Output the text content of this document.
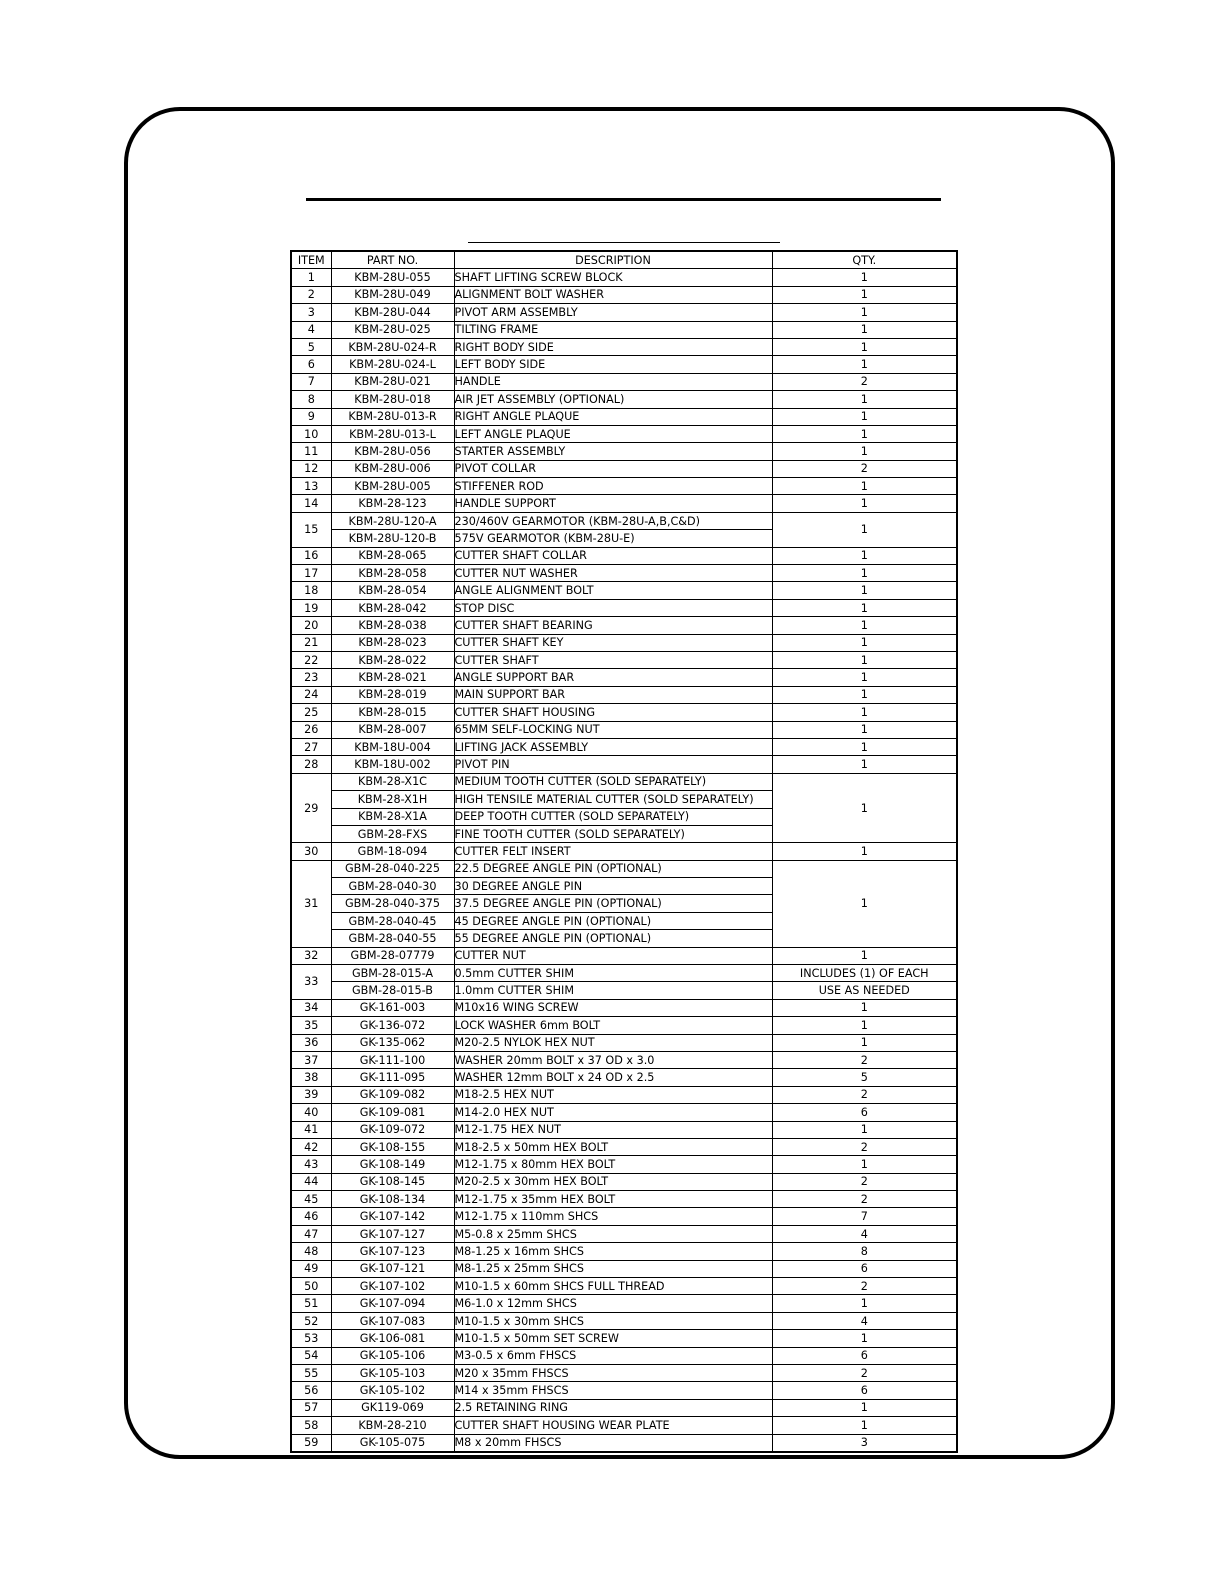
ITEM	PART NO.	DESCRIPTION	QTY.
1	KBM-28U-055	SHAFT LIFTING SCREW BLOCK	1
2	KBM-28U-049	ALIGNMENT BOLT WASHER	1
3	KBM-28U-044	PIVOT ARM ASSEMBLY	1
4	KBM-28U-025	TILTING FRAME	1
5	KBM-28U-024-R	RIGHT BODY SIDE	1
6	KBM-28U-024-L	LEFT BODY SIDE	1
7	KBM-28U-021	HANDLE	2
8	KBM-28U-018	AIR JET ASSEMBLY (OPTIONAL)	1
9	KBM-28U-013-R	RIGHT ANGLE PLAQUE	1
10	KBM-28U-013-L	LEFT ANGLE PLAQUE	1
11	KBM-28U-056	STARTER ASSEMBLY	1
12	KBM-28U-006	PIVOT COLLAR	2
13	KBM-28U-005	STIFFENER ROD	1
14	KBM-28-123	HANDLE SUPPORT	1
15	KBM-28U-120-A	230/460V GEARMOTOR (KBM-28U-A,B,C&D)	1
	KBM-28U-120-B	575V GEARMOTOR (KBM-28U-E)	
16	KBM-28-065	CUTTER SHAFT COLLAR	1
17	KBM-28-058	CUTTER NUT WASHER	1
18	KBM-28-054	ANGLE ALIGNMENT BOLT	1
19	KBM-28-042	STOP DISC	1
20	KBM-28-038	CUTTER SHAFT BEARING	1
21	KBM-28-023	CUTTER SHAFT KEY	1
22	KBM-28-022	CUTTER SHAFT	1
23	KBM-28-021	ANGLE SUPPORT BAR	1
24	KBM-28-019	MAIN SUPPORT BAR	1
25	KBM-28-015	CUTTER SHAFT HOUSING	1
26	KBM-28-007	65MM SELF-LOCKING NUT	1
27	KBM-18U-004	LIFTING JACK ASSEMBLY	1
28	KBM-18U-002	PIVOT PIN	1
29	KBM-28-X1C	MEDIUM TOOTH CUTTER (SOLD SEPARATELY)	1
	KBM-28-X1H	HIGH TENSILE MATERIAL CUTTER (SOLD SEPARATELY)	
	KBM-28-X1A	DEEP TOOTH CUTTER (SOLD SEPARATELY)	
	GBM-28-FXS	FINE TOOTH CUTTER (SOLD SEPARATELY)	
30	GBM-18-094	CUTTER FELT INSERT	1
31	GBM-28-040-225	22.5 DEGREE ANGLE PIN (OPTIONAL)	1
	GBM-28-040-30	30 DEGREE ANGLE PIN	
	GBM-28-040-375	37.5 DEGREE ANGLE PIN (OPTIONAL)	
	GBM-28-040-45	45 DEGREE ANGLE PIN (OPTIONAL)	
	GBM-28-040-55	55 DEGREE ANGLE PIN (OPTIONAL)	
32	GBM-28-07779	CUTTER NUT	1
33	GBM-28-015-A	0.5mm CUTTER SHIM	INCLUDES (1) OF EACH
	GBM-28-015-B	1.0mm CUTTER SHIM	USE AS NEEDED
34	GK-161-003	M10x16 WING SCREW	1
35	GK-136-072	LOCK WASHER 6mm BOLT	1
36	GK-135-062	M20-2.5 NYLOK HEX NUT	1
37	GK-111-100	WASHER 20mm BOLT x 37 OD x 3.0	2
38	GK-111-095	WASHER 12mm BOLT x 24 OD x 2.5	5
39	GK-109-082	M18-2.5 HEX NUT	2
40	GK-109-081	M14-2.0 HEX NUT	6
41	GK-109-072	M12-1.75 HEX NUT	1
42	GK-108-155	M18-2.5 x 50mm HEX BOLT	2
43	GK-108-149	M12-1.75 x 80mm HEX BOLT	1
44	GK-108-145	M20-2.5 x 30mm HEX BOLT	2
45	GK-108-134	M12-1.75 x 35mm HEX BOLT	2
46	GK-107-142	M12-1.75 x 110mm SHCS	7
47	GK-107-127	M5-0.8 x 25mm SHCS	4
48	GK-107-123	M8-1.25 x 16mm SHCS	8
49	GK-107-121	M8-1.25 x 25mm SHCS	6
50	GK-107-102	M10-1.5 x 60mm SHCS FULL THREAD	2
51	GK-107-094	M6-1.0 x 12mm SHCS	1
52	GK-107-083	M10-1.5 x 30mm SHCS	4
53	GK-106-081	M10-1.5 x 50mm SET SCREW	1
54	GK-105-106	M3-0.5 x 6mm FHSCS	6
55	GK-105-103	M20 x 35mm FHSCS	2
56	GK-105-102	M14 x 35mm FHSCS	6
57	GK119-069	2.5 RETAINING RING	1
58	KBM-28-210	CUTTER SHAFT HOUSING WEAR PLATE	1
59	GK-105-075	M8 x 20mm FHSCS	3
